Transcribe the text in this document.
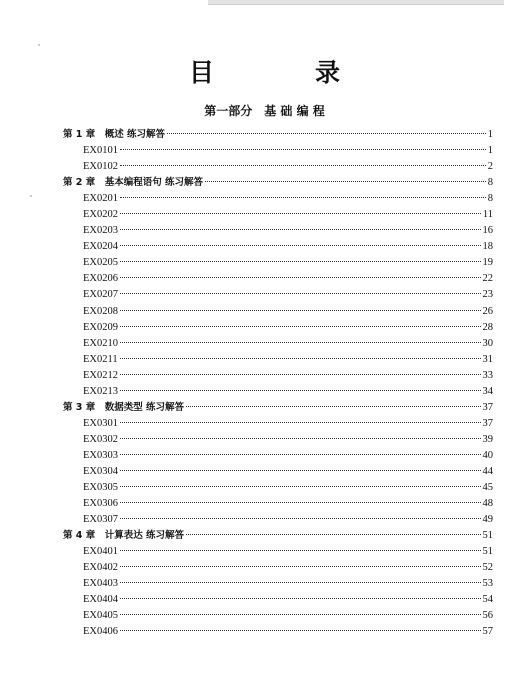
目　录
第一部分　基 础 编 程
第 1 章　概述 练习解答	1
EX0101	1
EX0102	2
第 2 章　基本编程语句 练习解答	8
EX0201	8
EX0202	11
EX0203	16
EX0204	18
EX0205	19
EX0206	22
EX0207	23
EX0208	26
EX0209	28
EX0210	30
EX0211	31
EX0212	33
EX0213	34
第 3 章　数据类型 练习解答	37
EX0301	37
EX0302	39
EX0303	40
EX0304	44
EX0305	45
EX0306	48
EX0307	49
第 4 章　计算表达 练习解答	51
EX0401	51
EX0402	52
EX0403	53
EX0404	54
EX0405	56
EX0406	57
